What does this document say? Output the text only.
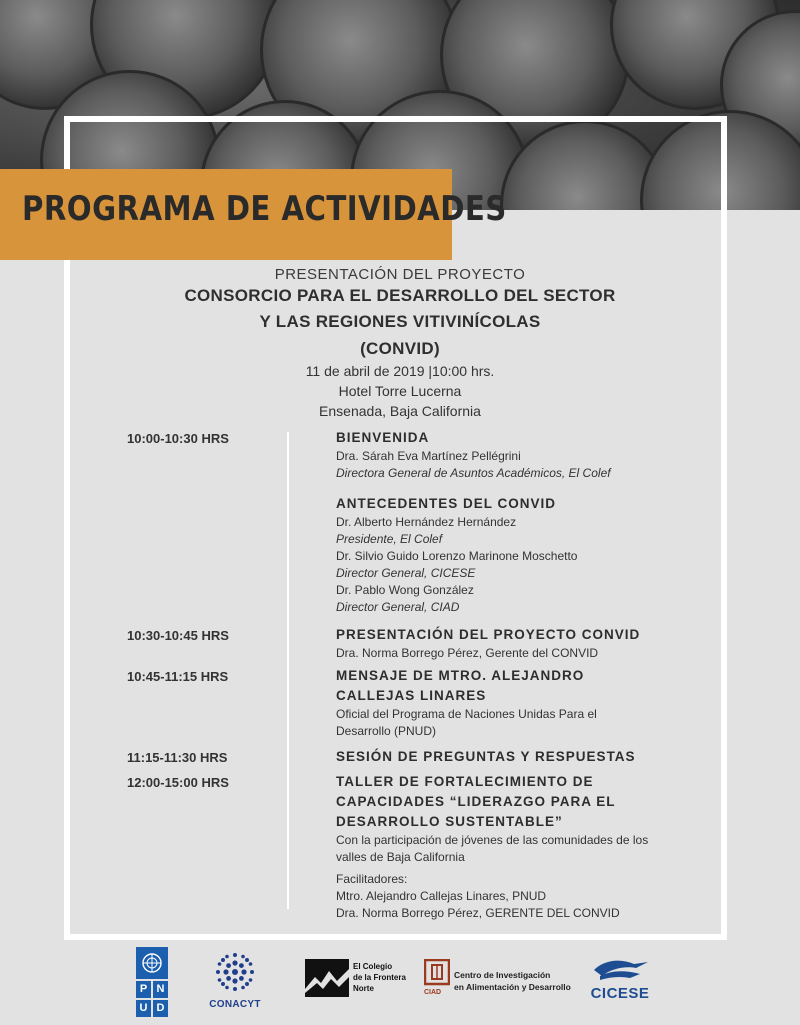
PROGRAMA DE ACTIVIDADES
PRESENTACIÓN DEL PROYECTO
CONSORCIO PARA EL DESARROLLO DEL SECTOR
Y LAS REGIONES VITIVINÍCOLAS
(CONVID)
11 de abril de 2019 |10:00 hrs.
Hotel Torre Lucerna
Ensenada, Baja California
10:00-10:30 HRS	BIENVENIDA
Dra. Sárah Eva Martínez Pellégrini
Directora General de Asuntos Académicos, El Colef
ANTECEDENTES DEL CONVID
Dr. Alberto Hernández Hernández
Presidente, El Colef
Dr. Silvio Guido Lorenzo Marinone Moschetto
Director General, CICESE
Dr. Pablo Wong González
Director General, CIAD
10:30-10:45 HRS	PRESENTACIÓN DEL PROYECTO CONVID
Dra. Norma Borrego Pérez, Gerente del CONVID
10:45-11:15 HRS	MENSAJE DE MTRO. ALEJANDRO
CALLEJAS LINARES
Oficial del Programa de Naciones Unidas Para el
Desarrollo (PNUD)
11:15-11:30 HRS	SESIÓN DE PREGUNTAS Y RESPUESTAS
12:00-15:00 HRS	TALLER DE FORTALECIMIENTO DE
CAPACIDADES “LIDERAZGO PARA EL
DESARROLLO SUSTENTABLE”
Con la participación de jóvenes de las comunidades de los
valles de Baja California
Facilitadores:
Mtro. Alejandro Callejas Linares, PNUD
Dra. Norma Borrego Pérez, GERENTE DEL CONVID
P N
U D	CONACYT
El Colegio
de la Frontera
Norte	CIAD
Centro de Investigación
en Alimentación y Desarrollo	CICESE
